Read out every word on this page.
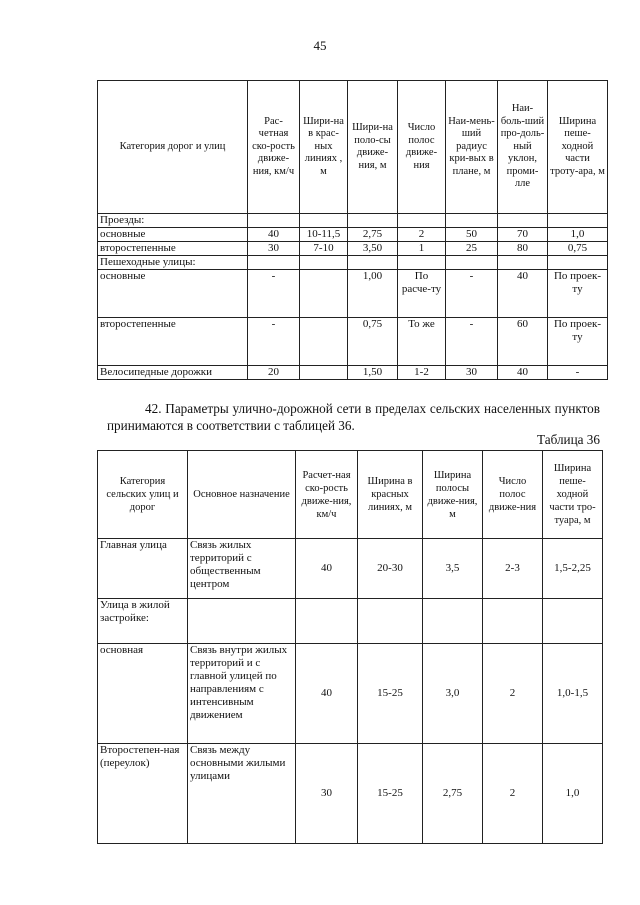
45
Категория дорог и улиц	Рас-четная ско-рость движе-ния, км/ч	Шири-на в крас-ных линиях , м	Шири-на поло-сы движе-ния, м	Число полос движе-ния	Наи-мень-ший радиус кри-вых в плане, м	Наи-боль-ший про-доль-ный уклон, проми-лле	Ширина пеше-ходной части троту-ара, м
Проезды:							
основные	40	10-11,5	2,75	2	50	70	1,0
второстепенные	30	7-10	3,50	1	25	80	0,75
Пешеходные улицы:							
основные	-		1,00	По расче-ту	-	40	По проек-ту
второстепенные	-		0,75	То же	-	60	По проек-ту
Велосипедные дорожки	20		1,50	1-2	30	40	-
42. Параметры улично-дорожной сети в пределах сельских населенных пунктов принимаются в соответствии с таблицей 36.
Таблица 36
Категория сельских улиц и дорог	Основное назначение	Расчет-ная ско-рость движе-ния, км/ч	Ширина в красных линиях, м	Ширина полосы движе-ния, м	Число полос движе-ния	Ширина пеше-ходной части тро-туара, м
Главная улица	Связь жилых территорий с общественным центром	40	20-30	3,5	2-3	1,5-2,25
Улица в жилой застройке:						
основная	Связь внутри жилых территорий и с главной улицей по направлениям с интенсивным движением	40	15-25	3,0	2	1,0-1,5
Второстепен-ная (переулок)	Связь между основными жилыми улицами	30	15-25	2,75	2	1,0
